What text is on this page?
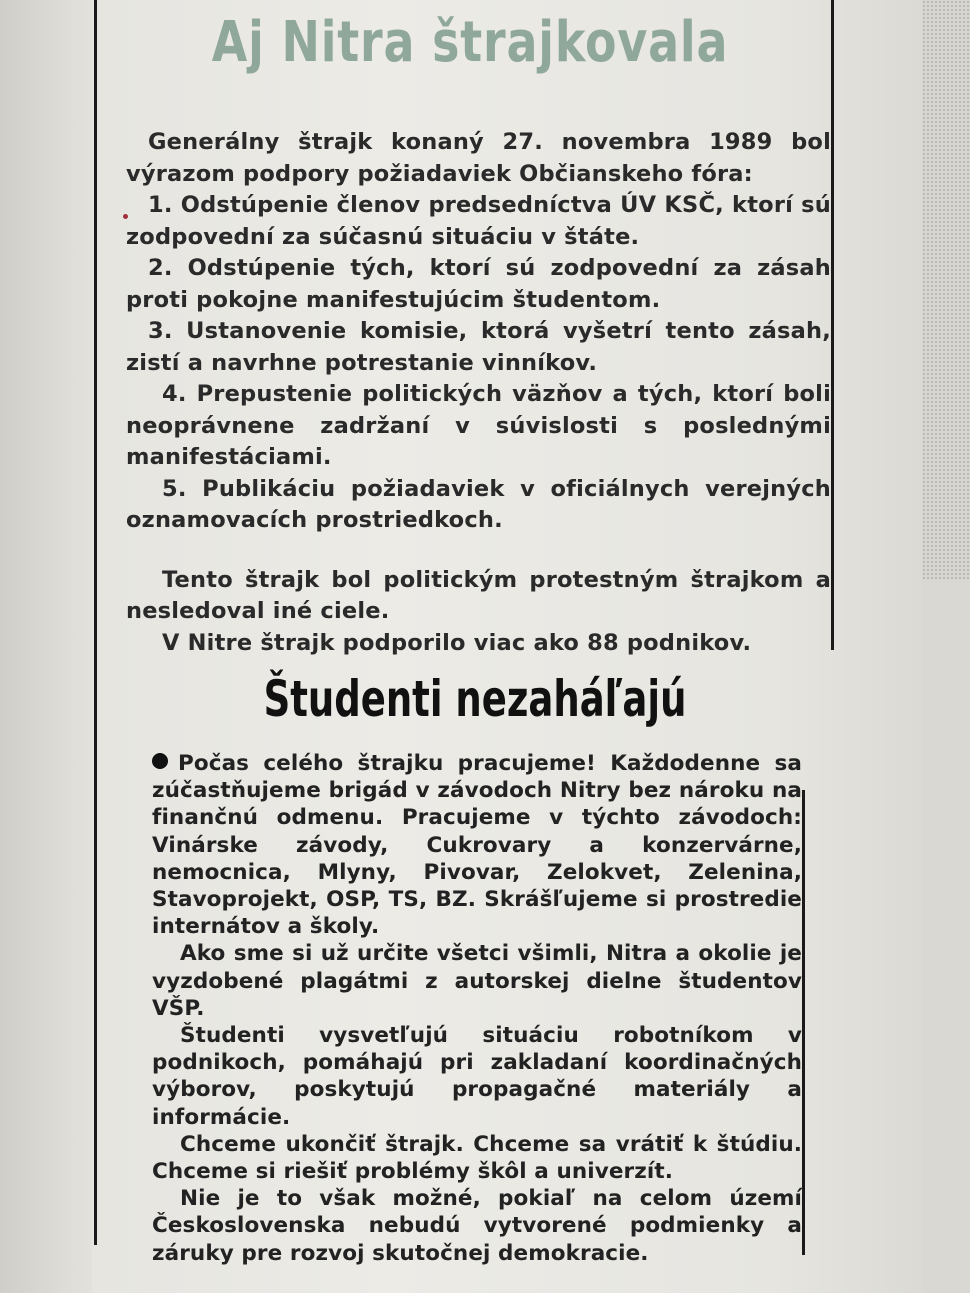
Aj Nitra štrajkovala

Generálny štrajk konaný 27. novembra 1989 bol výrazom podpory požiadaviek Občianskeho fóra:

1. Odstúpenie členov predsedníctva ÚV KSČ, ktorí sú zodpovední za súčasnú situáciu v štáte.

2. Odstúpenie tých, ktorí sú zodpovední za zásah proti pokojne manifestujúcim študentom.

3. Ustanovenie komisie, ktorá vyšetrí tento zásah, zistí a navrhne potrestanie vinníkov.

4. Prepustenie politických väzňov a tých, ktorí boli neoprávnene zadržaní v súvislosti s poslednými manifestáciami.

5. Publikáciu požiadaviek v oficiálnych verejných oznamovacích prostriedkoch.

Tento štrajk bol politickým protestným štrajkom a nesledoval iné ciele.

V Nitre štrajk podporilo viac ako 88 podnikov.

Študenti nezaháľajú

Počas celého štrajku pracujeme! Každodenne sa zúčastňujeme brigád v závodoch Nitry bez nároku na finančnú odmenu. Pracujeme v týchto závodoch: Vinárske závody, Cukrovary a konzervárne, nemocnica, Mlyny, Pivovar, Zelokvet, Zelenina, Stavoprojekt, OSP, TS, BZ. Skrášľujeme si prostredie internátov a školy.

Ako sme si už určite všetci všimli, Nitra a okolie je vyzdobené plagátmi z autorskej dielne študentov VŠP.

Študenti vysvetľujú situáciu robotníkom v podnikoch, pomáhajú pri zakladaní koordinačných výborov, poskytujú propagačné materiály a informácie.

Chceme ukončiť štrajk. Chceme sa vrátiť k štúdiu. Chceme si riešiť problémy škôl a univerzít.

Nie je to však možné, pokiaľ na celom území Československa nebudú vytvorené podmienky a záruky pre rozvoj skutočnej demokracie.
